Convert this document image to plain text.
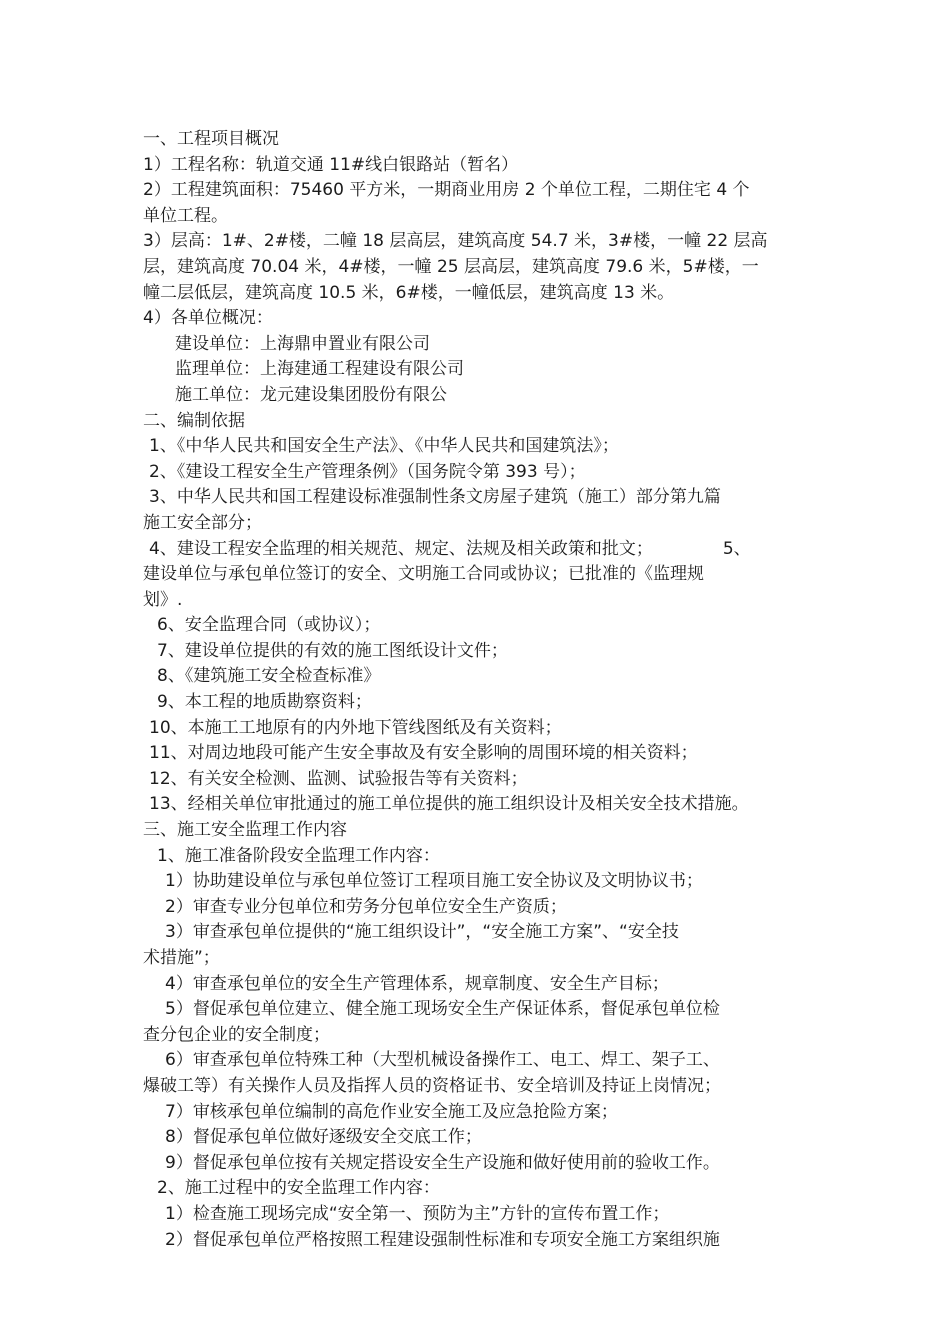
一、工程项目概况
1）工程名称：轨道交通 11#线白银路站（暂名）
2）工程建筑面积：75460 平方米，一期商业用房 2 个单位工程，二期住宅 4 个
单位工程。
3）层高：1#、2#楼，二幢 18 层高层，建筑高度 54.7 米，3#楼，一幢 22 层高
层，建筑高度 70.04 米，4#楼，一幢 25 层高层，建筑高度 79.6 米，5#楼，一
幢二层低层，建筑高度 10.5 米，6#楼，一幢低层，建筑高度 13 米。
4）各单位概况：
建设单位：上海鼎申置业有限公司
监理单位：上海建通工程建设有限公司
施工单位：龙元建设集团股份有限公
二、编制依据
1、《中华人民共和国安全生产法》、《中华人民共和国建筑法》；
2、《建设工程安全生产管理条例》（国务院令第 393 号）；
3、中华人民共和国工程建设标准强制性条文房屋子建筑（施工）部分第九篇
施工安全部分；
4、建设工程安全监理的相关规范、规定、法规及相关政策和批文；	5、
建设单位与承包单位签订的安全、文明施工合同或协议；已批准的《监理规
划》.
6、安全监理合同（或协议）；
7、建设单位提供的有效的施工图纸设计文件；
8、《建筑施工安全检查标准》
9、本工程的地质勘察资料；
10、本施工工地原有的内外地下管线图纸及有关资料；
11、对周边地段可能产生安全事故及有安全影响的周围环境的相关资料；
12、有关安全检测、监测、试验报告等有关资料；
13、经相关单位审批通过的施工单位提供的施工组织设计及相关安全技术措施。
三、施工安全监理工作内容
1、施工准备阶段安全监理工作内容：
1）协助建设单位与承包单位签订工程项目施工安全协议及文明协议书；
2）审查专业分包单位和劳务分包单位安全生产资质；
3）审查承包单位提供的“施工组织设计”，“安全施工方案”、“安全技
术措施”；
4）审查承包单位的安全生产管理体系，规章制度、安全生产目标；
5）督促承包单位建立、健全施工现场安全生产保证体系，督促承包单位检
查分包企业的安全制度；
6）审查承包单位特殊工种（大型机械设备操作工、电工、焊工、架子工、
爆破工等）有关操作人员及指挥人员的资格证书、安全培训及持证上岗情况；
7）审核承包单位编制的高危作业安全施工及应急抢险方案；
8）督促承包单位做好逐级安全交底工作；
9）督促承包单位按有关规定搭设安全生产设施和做好使用前的验收工作。
2、施工过程中的安全监理工作内容：
1）检查施工现场完成“安全第一、预防为主”方针的宣传布置工作；
2）督促承包单位严格按照工程建设强制性标准和专项安全施工方案组织施
